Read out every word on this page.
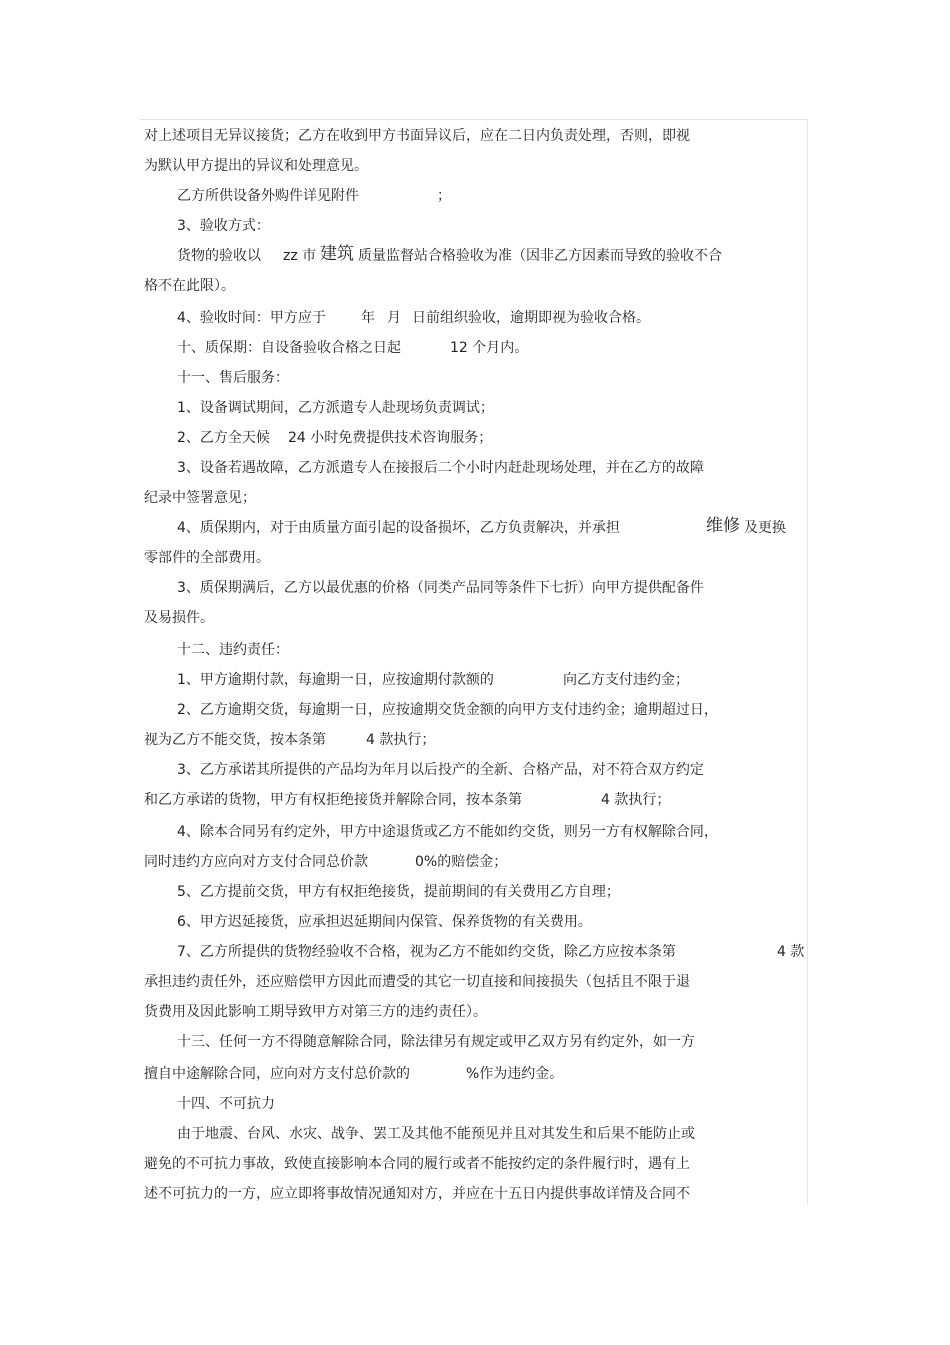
对上述项目无异议接货；乙方在收到甲方书面异议后，应在二日内负责处理，否则，即视
为默认甲方提出的异议和处理意见。
乙方所供设备外购件详见附件	；
3、验收方式：
货物的验收以 zz 市 建筑 质量监督站合格验收为准（因非乙方因素而导致的验收不合
格不在此限）。
4、验收时间：甲方应于	年 月 日前组织验收，逾期即视为验收合格。
十、质保期：自设备验收合格之日起	12 个月内。
十一、售后服务：
1、设备调试期间，乙方派遣专人赴现场负责调试；
2、乙方全天候 24 小时免费提供技术咨询服务；
3、设备若遇故障，乙方派遣专人在接报后二个小时内赶赴现场处理，并在乙方的故障
纪录中签署意见；
4、质保期内，对于由质量方面引起的设备损坏，乙方负责解决，并承担	维修 及更换
零部件的全部费用。
3、质保期满后，乙方以最优惠的价格（同类产品同等条件下七折）向甲方提供配备件
及易损件。
十二、违约责任：
1、甲方逾期付款，每逾期一日，应按逾期付款额的	向乙方支付违约金；
2、乙方逾期交货，每逾期一日，应按逾期交货金额的向甲方支付违约金；逾期超过日，
视为乙方不能交货，按本条第	4 款执行；
3、乙方承诺其所提供的产品均为年月以后投产的全新、合格产品，对不符合双方约定
和乙方承诺的货物，甲方有权拒绝接货并解除合同，按本条第	4 款执行；
4、除本合同另有约定外，甲方中途退货或乙方不能如约交货，则另一方有权解除合同，
同时违约方应向对方支付合同总价款	0%的赔偿金；
5、乙方提前交货，甲方有权拒绝接货，提前期间的有关费用乙方自理；
6、甲方迟延接货，应承担迟延期间内保管、保养货物的有关费用。
7、乙方所提供的货物经验收不合格，视为乙方不能如约交货，除乙方应按本条第	4 款
承担违约责任外，还应赔偿甲方因此而遭受的其它一切直接和间接损失（包括且不限于退
货费用及因此影响工期导致甲方对第三方的违约责任）。
十三、任何一方不得随意解除合同，除法律另有规定或甲乙双方另有约定外，如一方
擅自中途解除合同，应向对方支付总价款的	%作为违约金。
十四、不可抗力
由于地震、台风、水灾、战争、罢工及其他不能预见并且对其发生和后果不能防止或
避免的不可抗力事故，致使直接影响本合同的履行或者不能按约定的条件履行时，遇有上
述不可抗力的一方，应立即将事故情况通知对方，并应在十五日内提供事故详情及合同不
